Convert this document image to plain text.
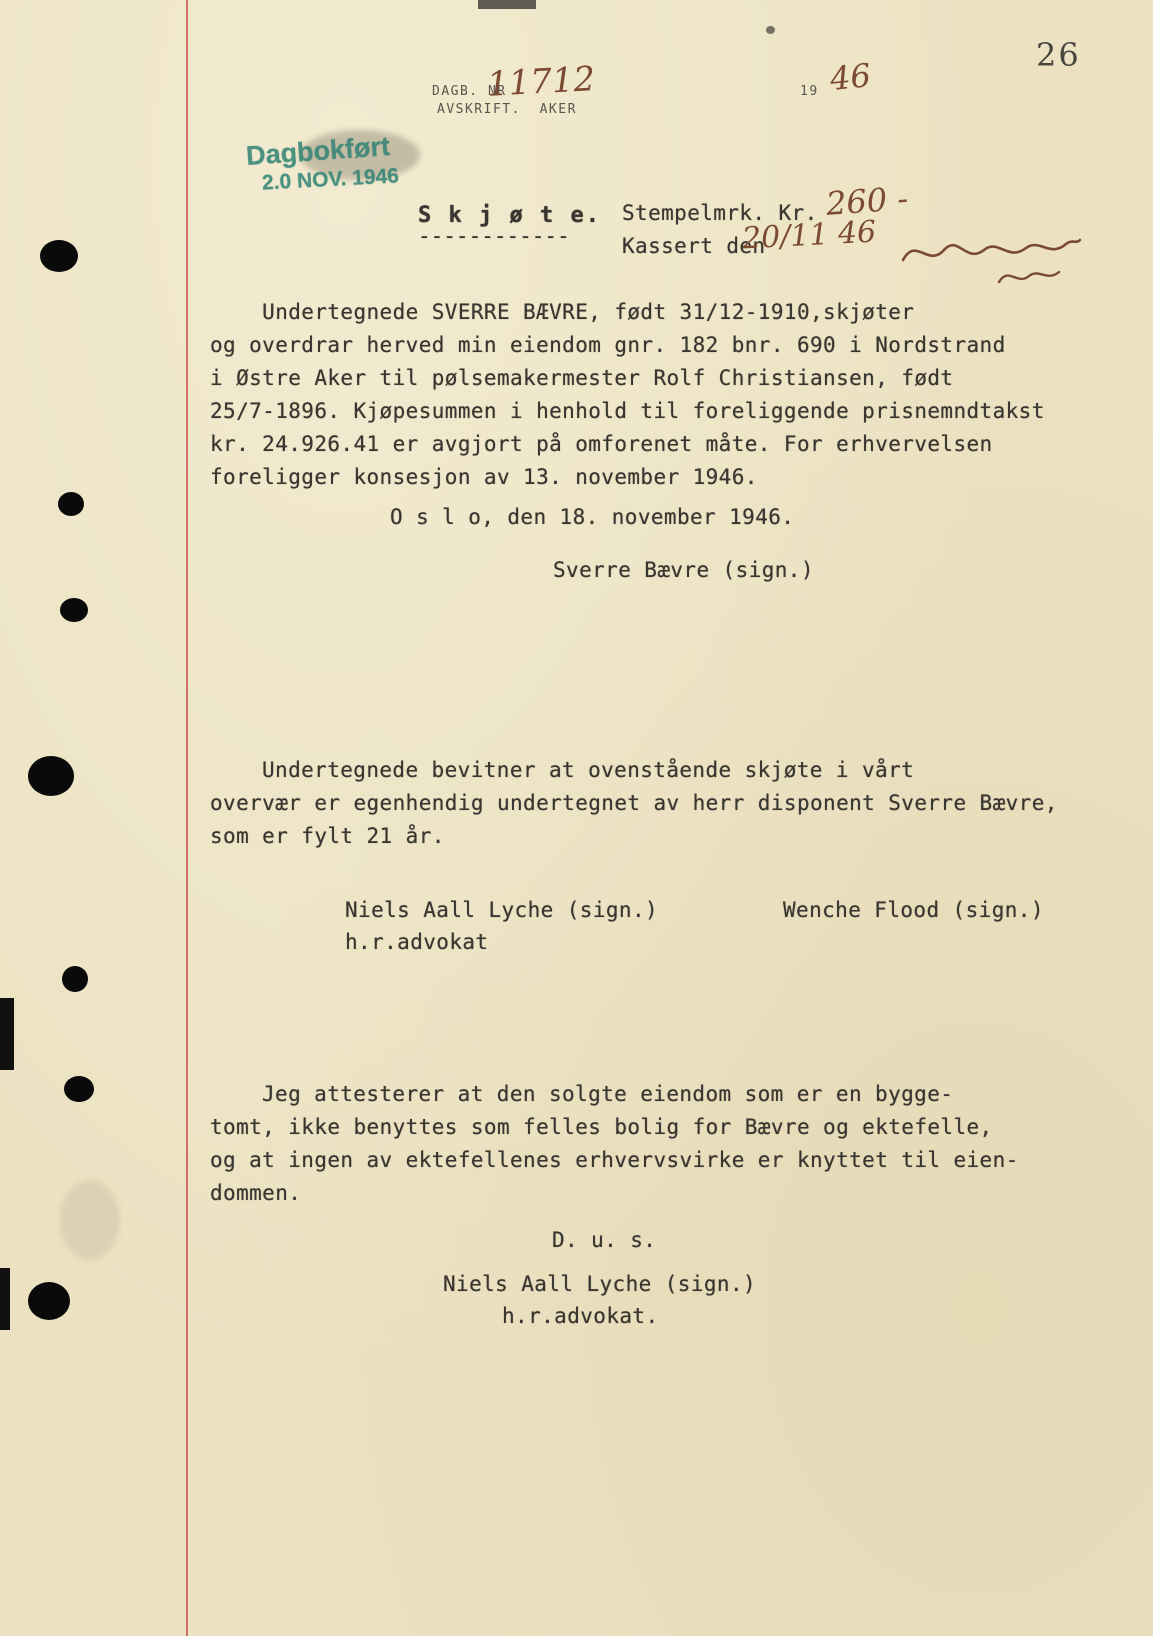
26
DAGB. NR
11712	19 46
AVSKRIFT.  AKER
Dagbokført
2.0 NOV. 1946
S k j ø t e.
------------
Stempelmrk. Kr. 260 -
Kassert den
20/11 46
Undertegnede SVERRE BÆVRE, født 31/12-1910,skjøter
og overdrar herved min eiendom gnr. 182 bnr. 690 i Nordstrand
i Østre Aker til pølsemakermester Rolf Christiansen, født
25/7-1896. Kjøpesummen i henhold til foreliggende prisnemndtakst
kr. 24.926.41 er avgjort på omforenet måte. For erhvervelsen
foreligger konsesjon av 13. november 1946.
O s l o, den 18. november 1946.
Sverre Bævre (sign.)
Undertegnede bevitner at ovenstående skjøte i vårt
overvær er egenhendig undertegnet av herr disponent Sverre Bævre,
som er fylt 21 år.
Niels Aall Lyche (sign.)	Wenche Flood (sign.)
h.r.advokat
Jeg attesterer at den solgte eiendom som er en bygge-
tomt, ikke benyttes som felles bolig for Bævre og ektefelle,
og at ingen av ektefellenes erhvervsvirke er knyttet til eien-
dommen.
D. u. s.
Niels Aall Lyche (sign.)
h.r.advokat.
